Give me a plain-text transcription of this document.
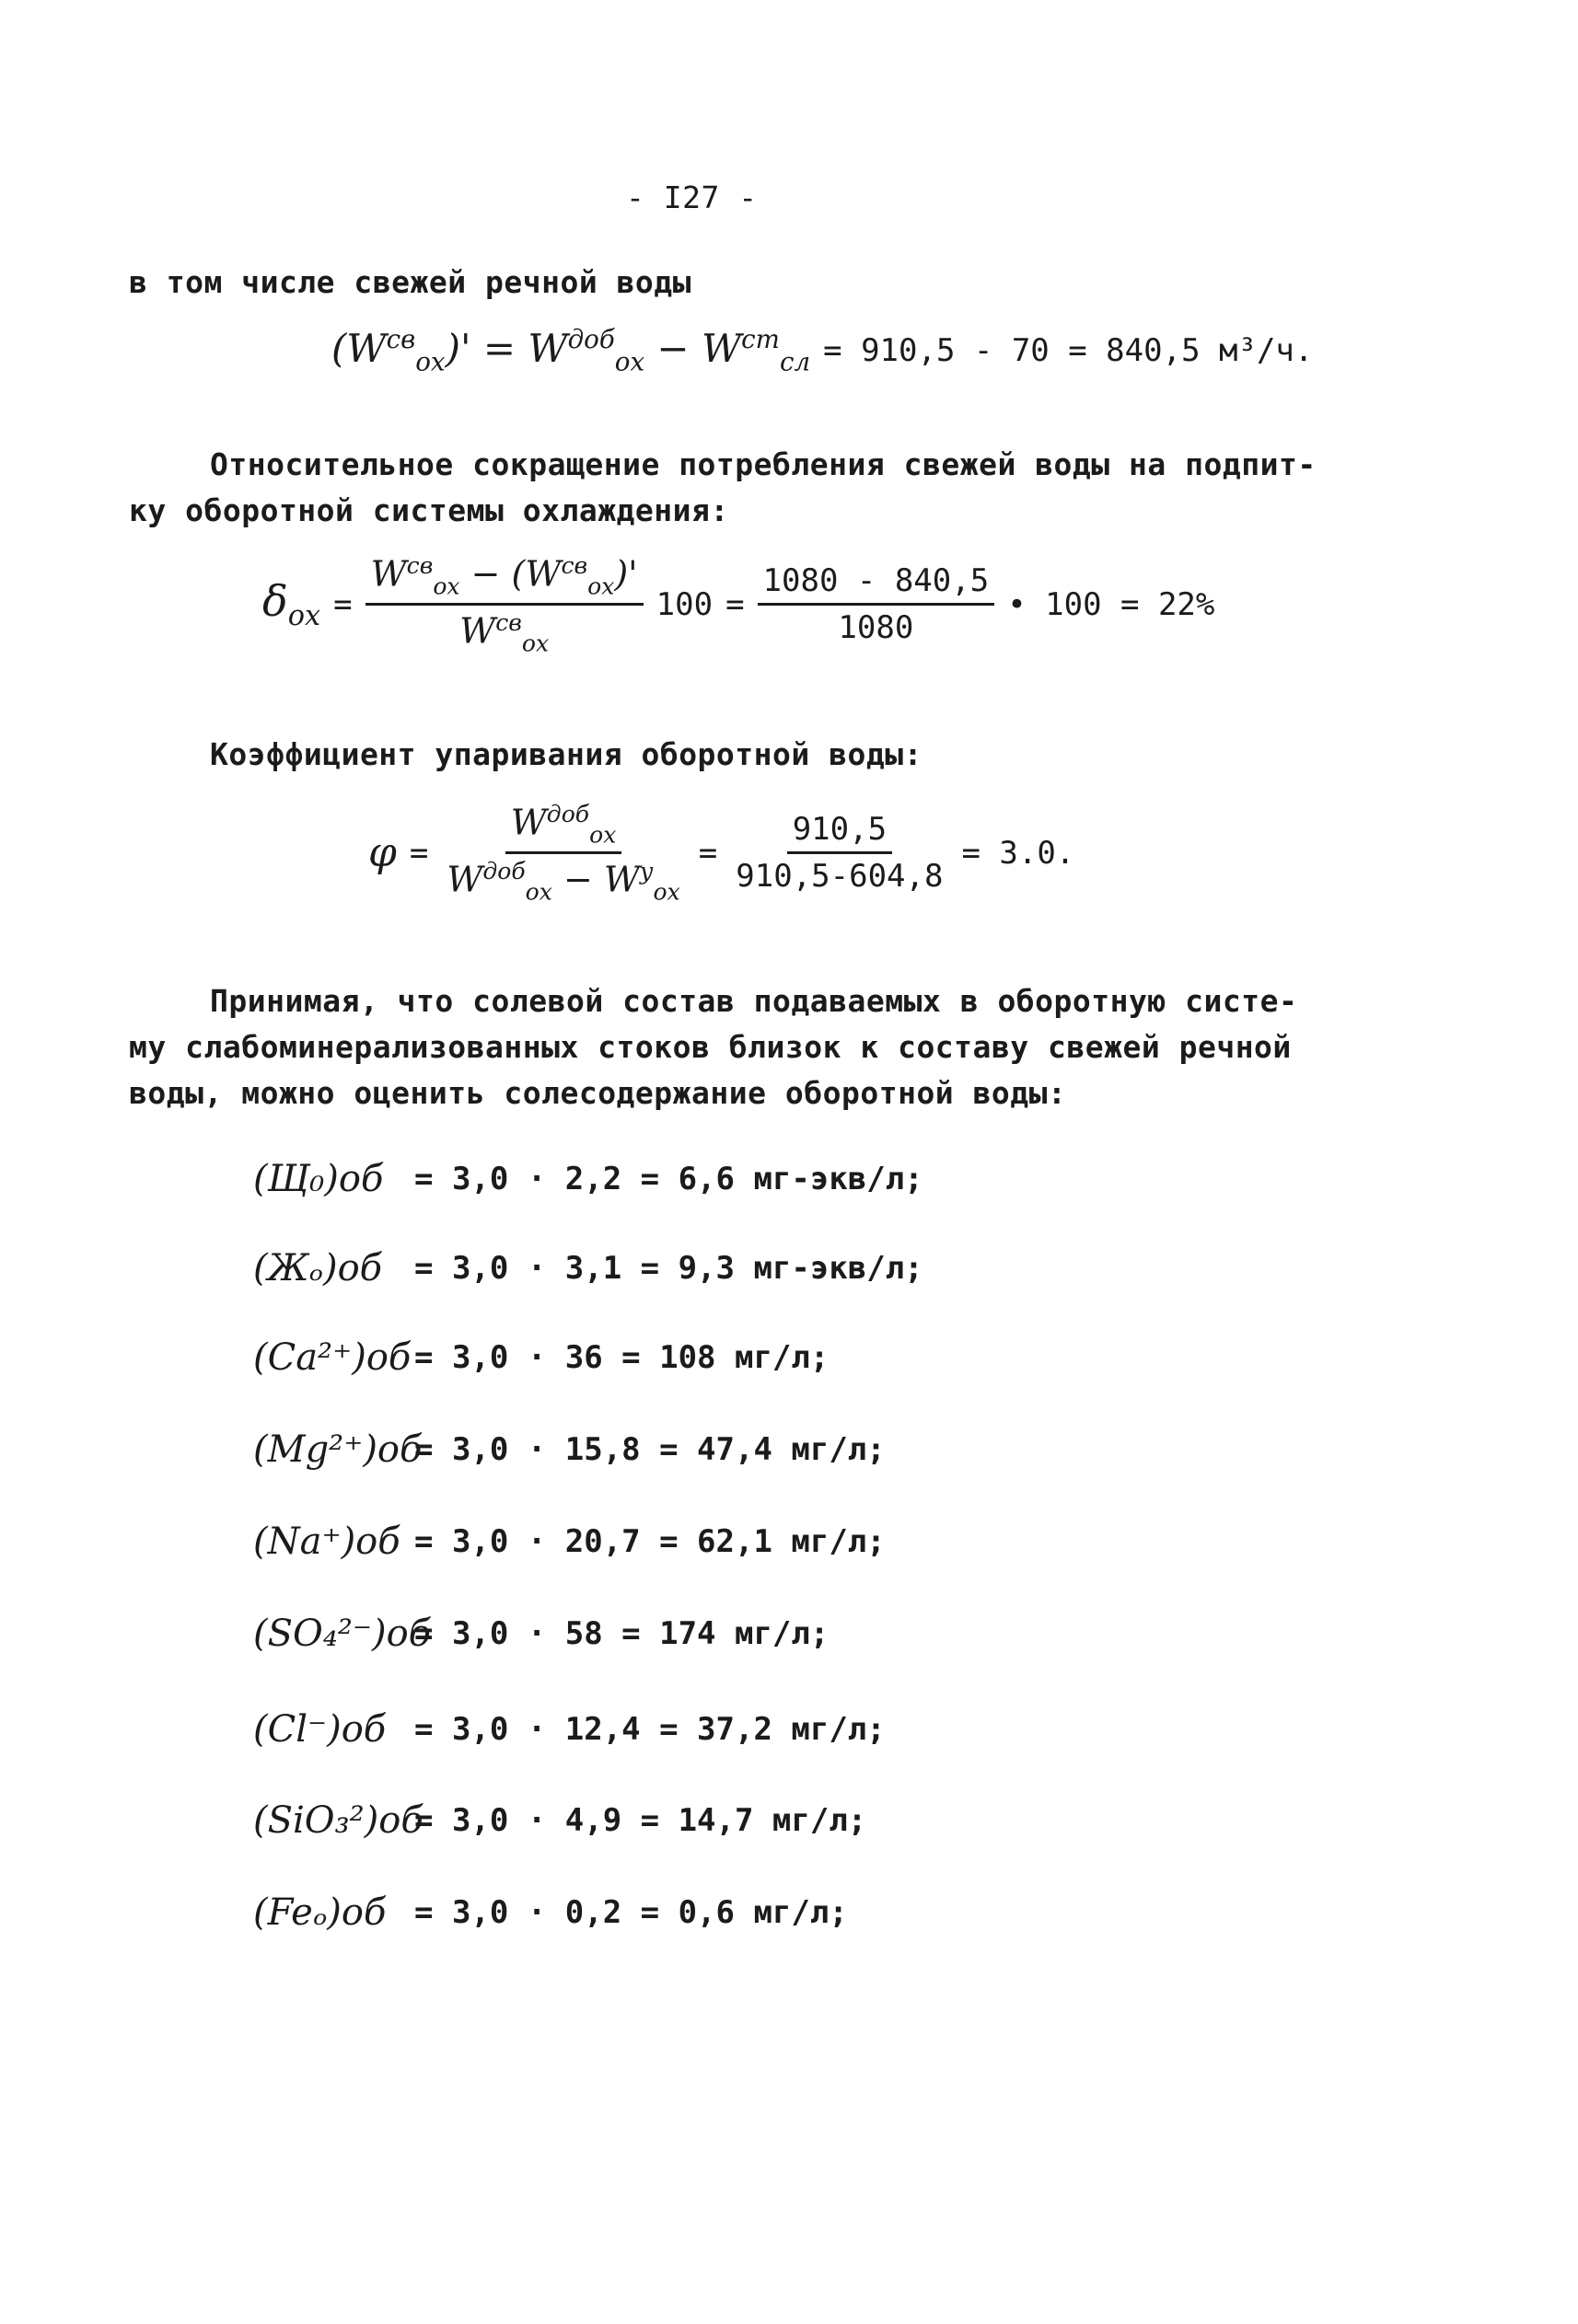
- I27 -
в том числе свежей речной воды
$(W^{св}_{ох})' = W^{доб}_{ох} - W^{ст}_{сл} = 910,5 - 70 = 840,5$ м³/ч.
Относительное сокращение потребления свежей воды на подпит-
ку оборотной системы охлаждения:
$\delta_{ох} = \frac{W^{св}_{ох} - (W^{св}_{ох})'}{W^{св}_{ох}} 100 = \frac{1080 - 840,5}{1080}$ • 100 = 22%
Коэффициент упаривания оборотной воды:
$\varphi = \frac{W^{доб}_{ох}}{W^{доб}_{ох} - W^у_{ох}} = \frac{910,5}{910,5-604,8} = 3.0$.
Принимая, что солевой состав подаваемых в оборотную систе-
му слабоминерализованных стоков близок к составу свежей речной
воды, можно оценить солесодержание оборотной воды:
(Щ₀)об = 3,0 · 2,2 = 6,6 мг-экв/л;
(Жₒ)об	= 3,0 · 3,1 = 9,3 мг-экв/л;
(Ca²⁺)об = 3,0 · 36 = 108 мг/л;
(Mg²⁺)об
= 3,0 · 15,8 = 47,4 мг/л;
(Na⁺)об = 3,0 · 20,7 = 62,1 мг/л;
(SO₄²⁻)об
= 3,0 · 58 = 174 мг/л;
(Cl⁻)об = 3,0 · 12,4 = 37,2 мг/л;
(SiO₃²)об
= 3,0 · 4,9 = 14,7 мг/л;
(Feₒ)об = 3,0 · 0,2 = 0,6 мг/л;
